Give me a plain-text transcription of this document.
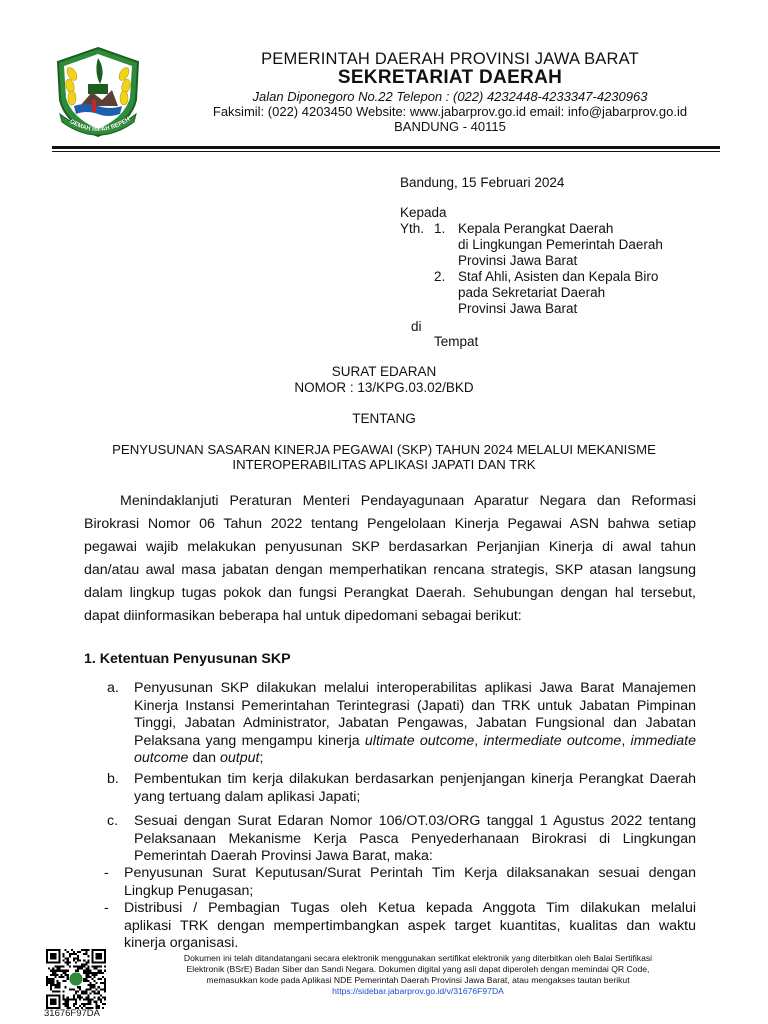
GEMAH RIPAH REPEH
PEMERINTAH DAERAH PROVINSI JAWA BARAT
SEKRETARIAT DAERAH
Jalan Diponegoro No.22 Telepon : (022) 4232448-4233347-4230963
Faksimil: (022) 4203450 Website: www.jabarprov.go.id email: info@jabarprov.go.id
BANDUNG - 40115
Bandung, 15 Februari 2024
Kepada
Yth. 1. Kepala Perangkat Daerah
di Lingkungan Pemerintah Daerah
Provinsi Jawa Barat
2. Staf Ahli, Asisten dan Kepala Biro
pada Sekretariat Daerah
Provinsi Jawa Barat
di
Tempat
SURAT EDARAN
NOMOR : 13/KPG.03.02/BKD
TENTANG
PENYUSUNAN SASARAN KINERJA PEGAWAI (SKP) TAHUN 2024 MELALUI MEKANISME
INTEROPERABILITAS APLIKASI JAPATI DAN TRK
Menindaklanjuti Peraturan Menteri Pendayagunaan Aparatur Negara dan Reformasi
Birokrasi Nomor 06 Tahun 2022 tentang Pengelolaan Kinerja Pegawai ASN bahwa setiap
pegawai wajib melakukan penyusunan SKP berdasarkan Perjanjian Kinerja di awal tahun
dan/atau awal masa jabatan dengan memperhatikan rencana strategis, SKP atasan langsung
dalam lingkup tugas pokok dan fungsi Perangkat Daerah. Sehubungan dengan hal tersebut,
dapat diinformasikan beberapa hal untuk dipedomani sebagai berikut:
1. Ketentuan Penyusunan SKP
a. Penyusunan SKP dilakukan melalui interoperabilitas aplikasi Jawa Barat Manajemen
Kinerja Instansi Pemerintahan Terintegrasi (Japati) dan TRK untuk Jabatan Pimpinan
Tinggi, Jabatan Administrator, Jabatan Pengawas, Jabatan Fungsional dan Jabatan
Pelaksana yang mengampu kinerja ultimate outcome, intermediate outcome, immediate
outcome dan output;
b. Pembentukan tim kerja dilakukan berdasarkan penjenjangan kinerja Perangkat Daerah
yang tertuang dalam aplikasi Japati;
c. Sesuai dengan Surat Edaran Nomor 106/OT.03/ORG tanggal 1 Agustus 2022 tentang
Pelaksanaan Mekanisme Kerja Pasca Penyederhanaan Birokrasi di Lingkungan
Pemerintah Daerah Provinsi Jawa Barat, maka:
- Penyusunan Surat Keputusan/Surat Perintah Tim Kerja dilaksanakan sesuai dengan
Lingkup Penugasan;
- Distribusi / Pembagian Tugas oleh Ketua kepada Anggota Tim dilakukan melalui
aplikasi TRK dengan mempertimbangkan aspek target kuantitas, kualitas dan waktu
kinerja organisasi.
31676F97DA
Dokumen ini telah ditandatangani secara elektronik menggunakan sertifikat elektronik yang diterbitkan oleh Balai Sertifikasi
Elektronik (BSrE) Badan Siber dan Sandi Negara. Dokumen digital yang asli dapat diperoleh dengan memindai QR Code,
memasukkan kode pada Aplikasi NDE Pemerintah Daerah Provinsi Jawa Barat, atau mengakses tautan berikut
https://sidebar.jabarprov.go.id/v/31676F97DA
